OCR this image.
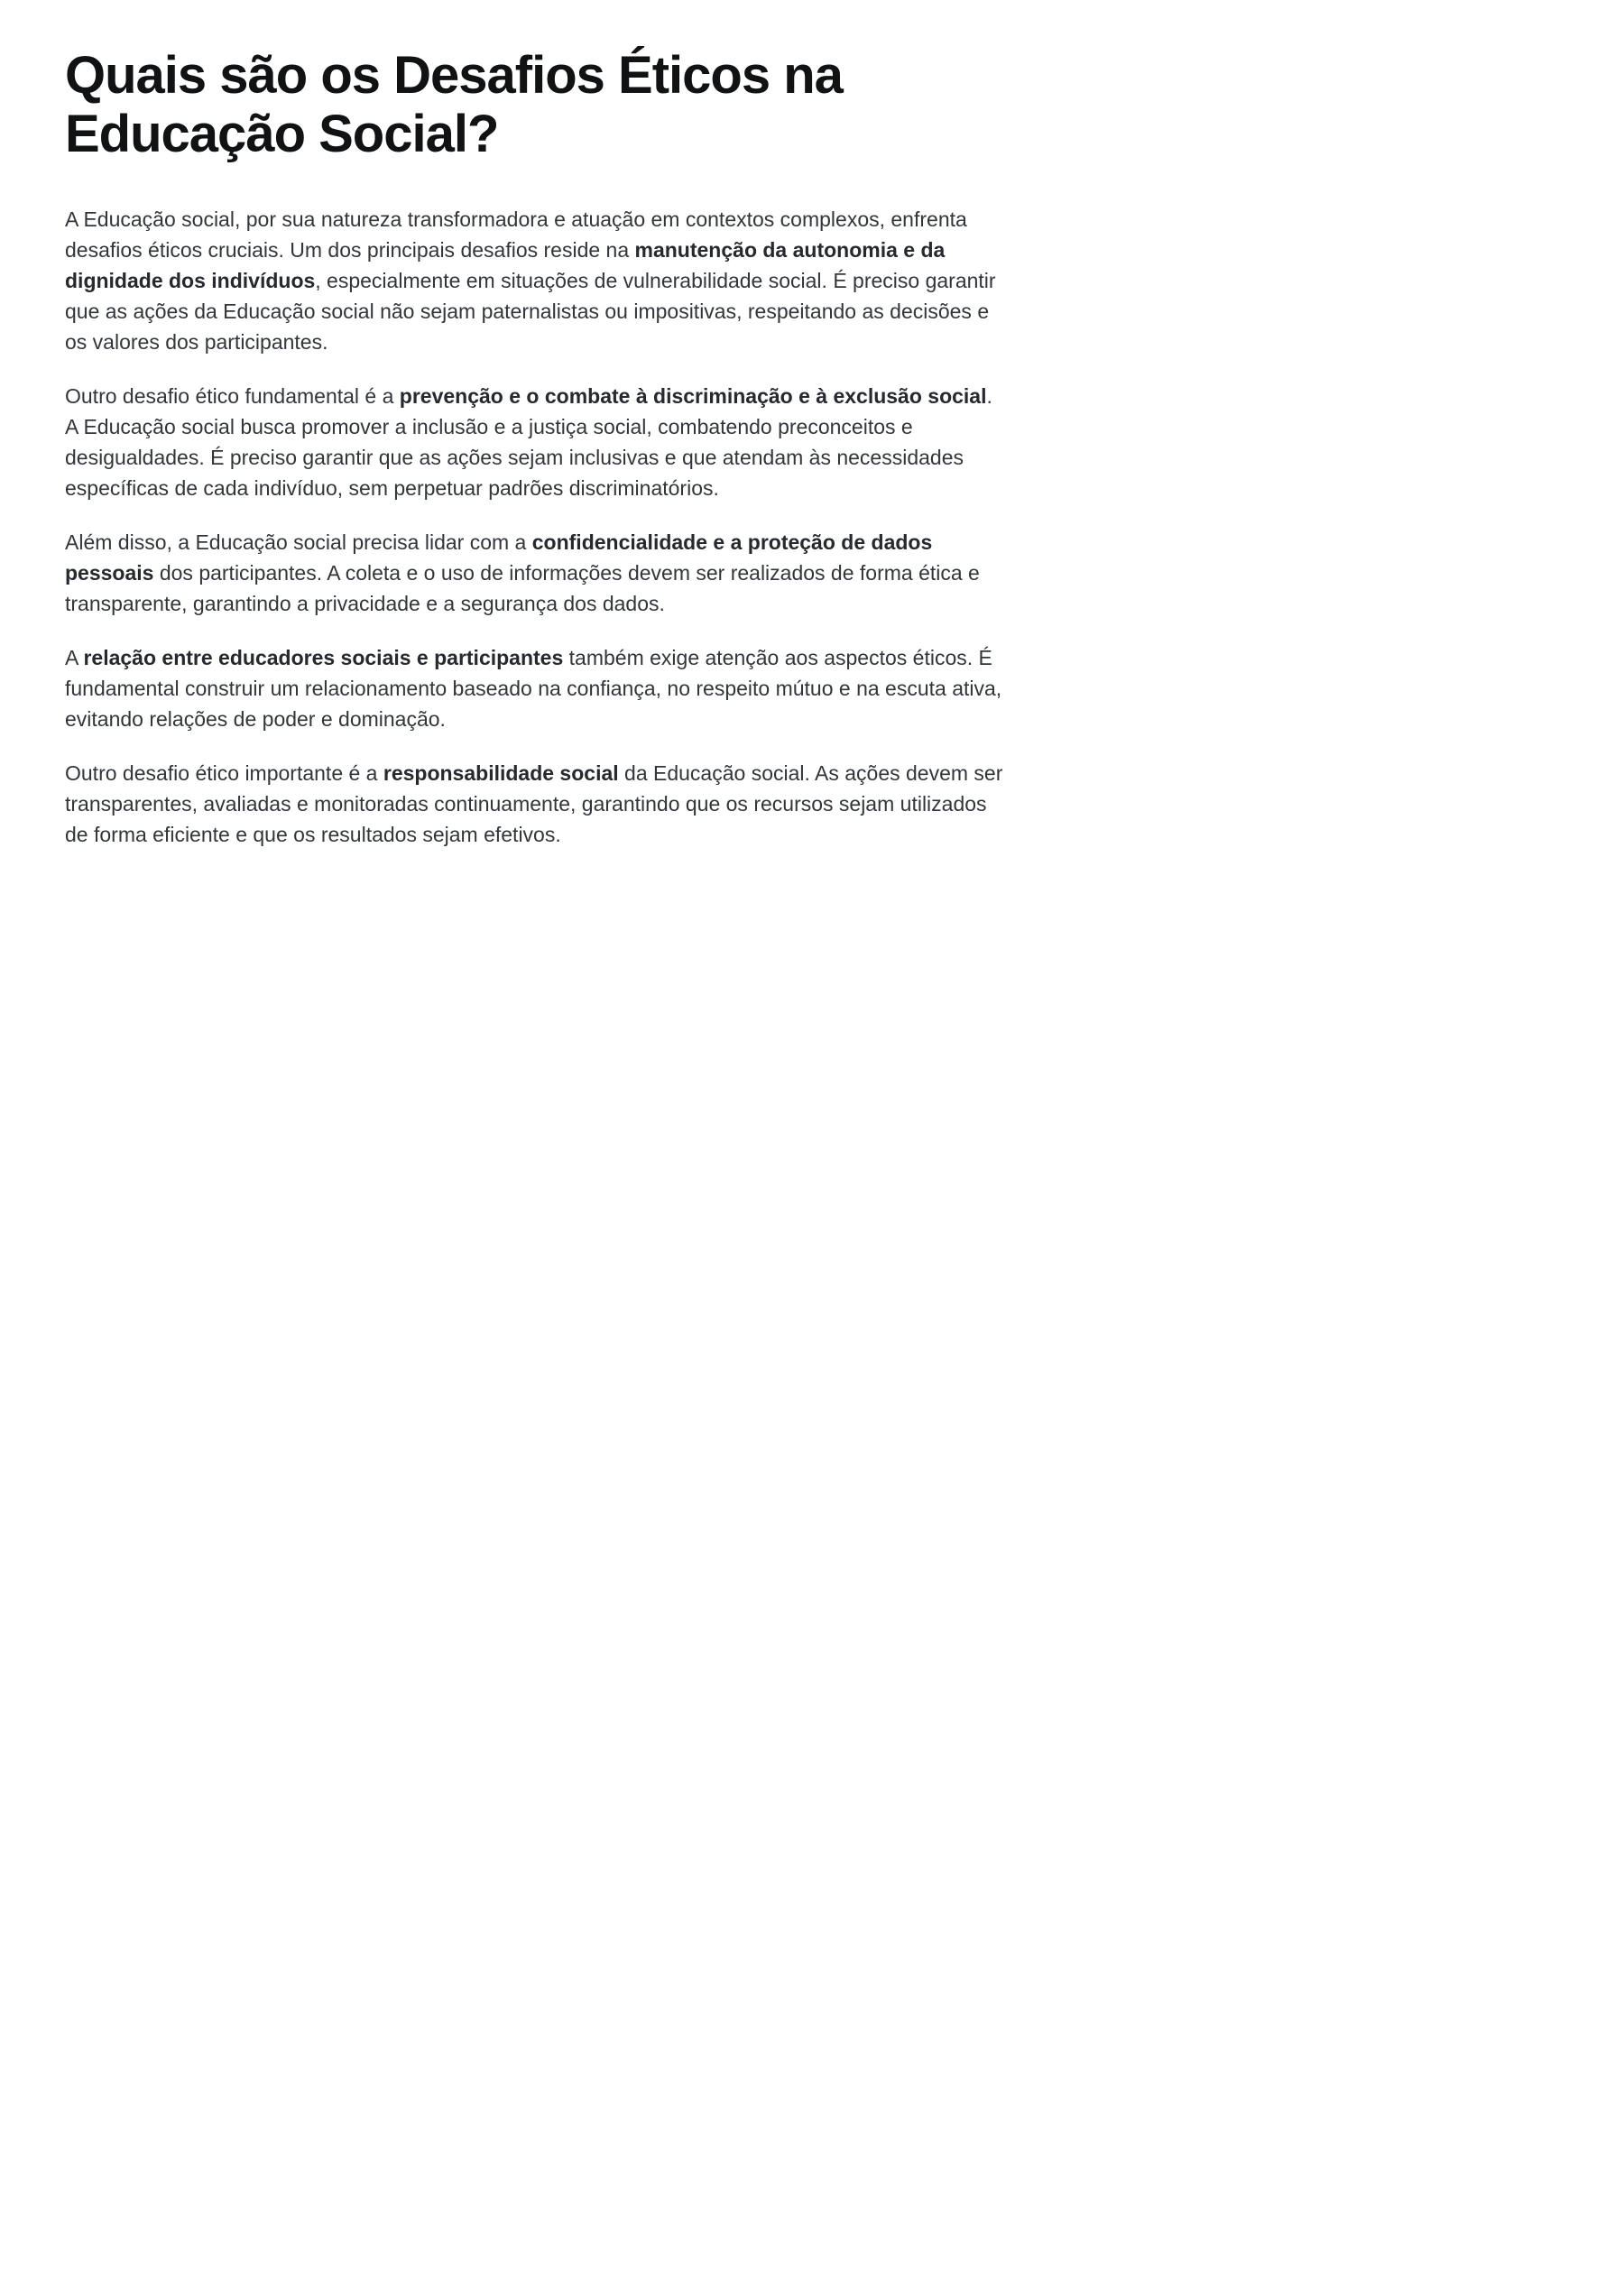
Quais são os Desafios Éticos na Educação Social?

A Educação social, por sua natureza transformadora e atuação em contextos complexos, enfrenta desafios éticos cruciais. Um dos principais desafios reside na manutenção da autonomia e da dignidade dos indivíduos, especialmente em situações de vulnerabilidade social. É preciso garantir que as ações da Educação social não sejam paternalistas ou impositivas, respeitando as decisões e os valores dos participantes.

Outro desafio ético fundamental é a prevenção e o combate à discriminação e à exclusão social. A Educação social busca promover a inclusão e a justiça social, combatendo preconceitos e desigualdades. É preciso garantir que as ações sejam inclusivas e que atendam às necessidades específicas de cada indivíduo, sem perpetuar padrões discriminatórios.

Além disso, a Educação social precisa lidar com a confidencialidade e a proteção de dados pessoais dos participantes. A coleta e o uso de informações devem ser realizados de forma ética e transparente, garantindo a privacidade e a segurança dos dados.

A relação entre educadores sociais e participantes também exige atenção aos aspectos éticos. É fundamental construir um relacionamento baseado na confiança, no respeito mútuo e na escuta ativa, evitando relações de poder e dominação.

Outro desafio ético importante é a responsabilidade social da Educação social. As ações devem ser transparentes, avaliadas e monitoradas continuamente, garantindo que os recursos sejam utilizados de forma eficiente e que os resultados sejam efetivos.
